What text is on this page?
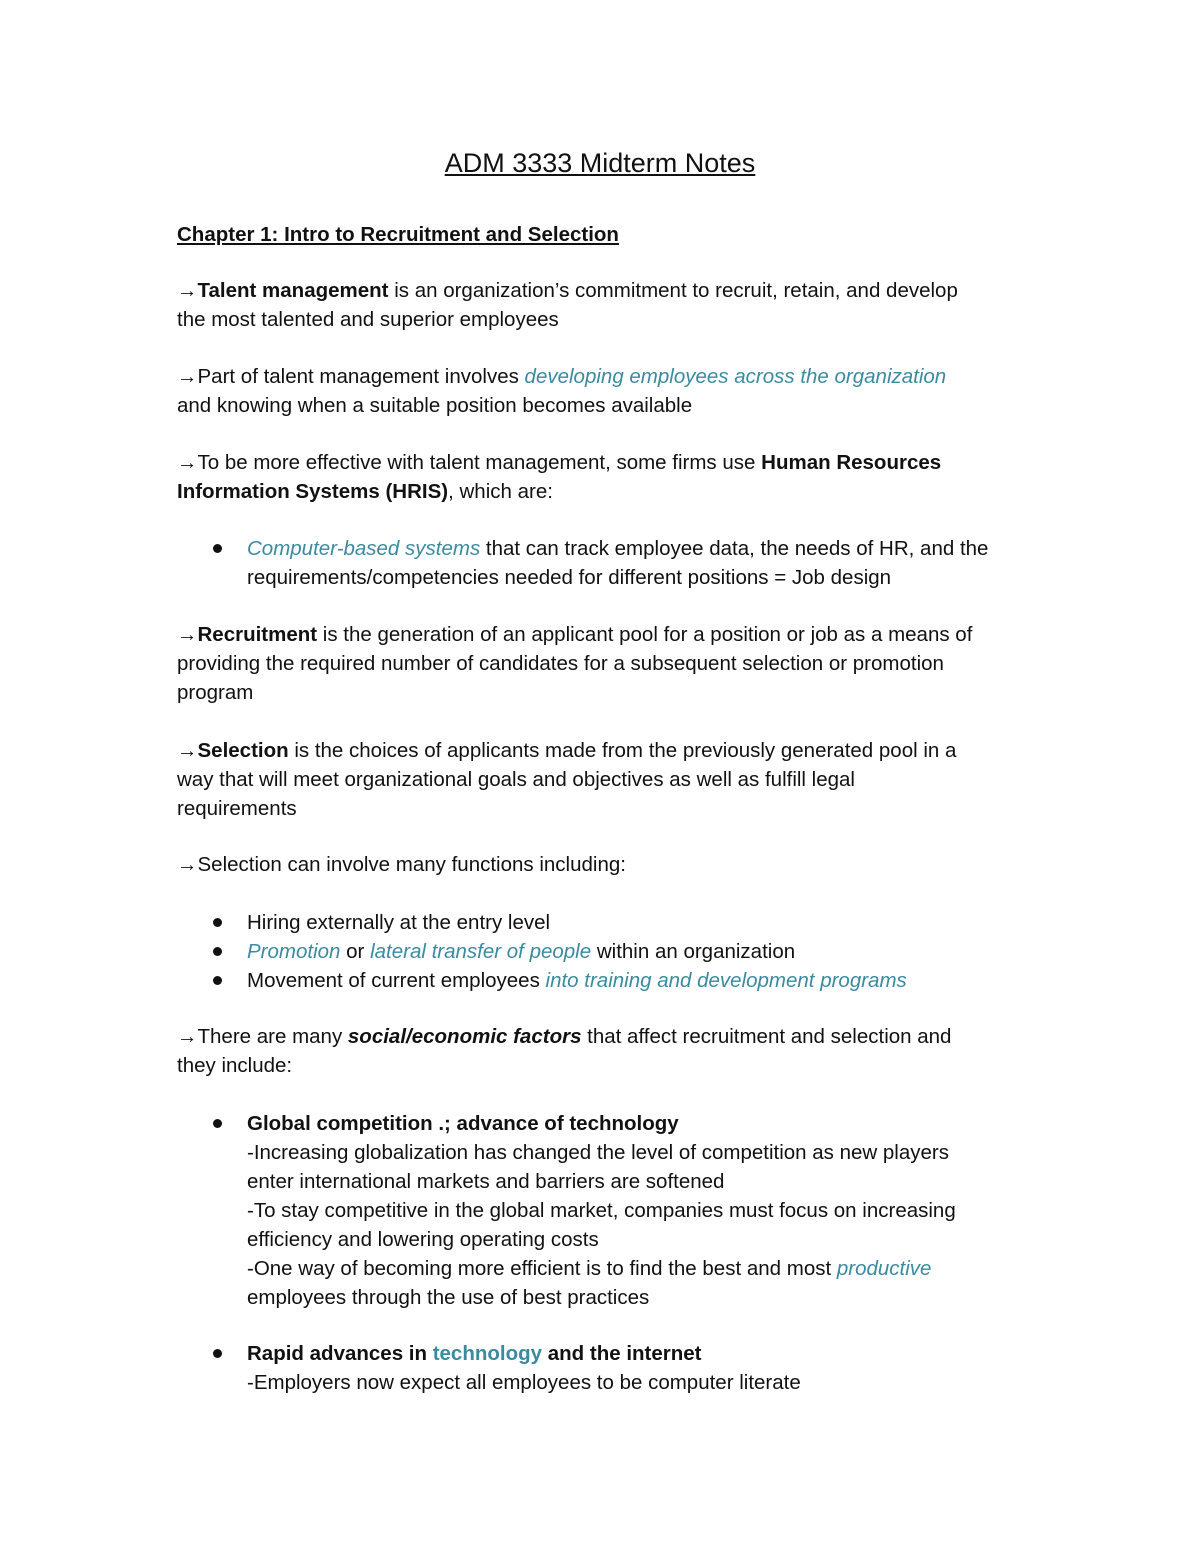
ADM 3333 Midterm Notes
Chapter 1: Intro to Recruitment and Selection
→Talent management is an organization’s commitment to recruit, retain, and develop
the most talented and superior employees
→Part of talent management involves developing employees across the organization
and knowing when a suitable position becomes available
→To be more effective with talent management, some firms use Human Resources
Information Systems (HRIS), which are:
Computer-based systems that can track employee data, the needs of HR, and the
requirements/competencies needed for different positions = Job design
→Recruitment is the generation of an applicant pool for a position or job as a means of
providing the required number of candidates for a subsequent selection or promotion
program
→Selection is the choices of applicants made from the previously generated pool in a
way that will meet organizational goals and objectives as well as fulfill legal
requirements
→Selection can involve many functions including:
Hiring externally at the entry level
Promotion or lateral transfer of people within an organization
Movement of current employees into training and development programs
→There are many social/economic factors that affect recruitment and selection and
they include:
Global competition .; advance of technology
-Increasing globalization has changed the level of competition as new players
enter international markets and barriers are softened
-To stay competitive in the global market, companies must focus on increasing
efficiency and lowering operating costs
-One way of becoming more efficient is to find the best and most productive
employees through the use of best practices
Rapid advances in technology and the internet
-Employers now expect all employees to be computer literate
